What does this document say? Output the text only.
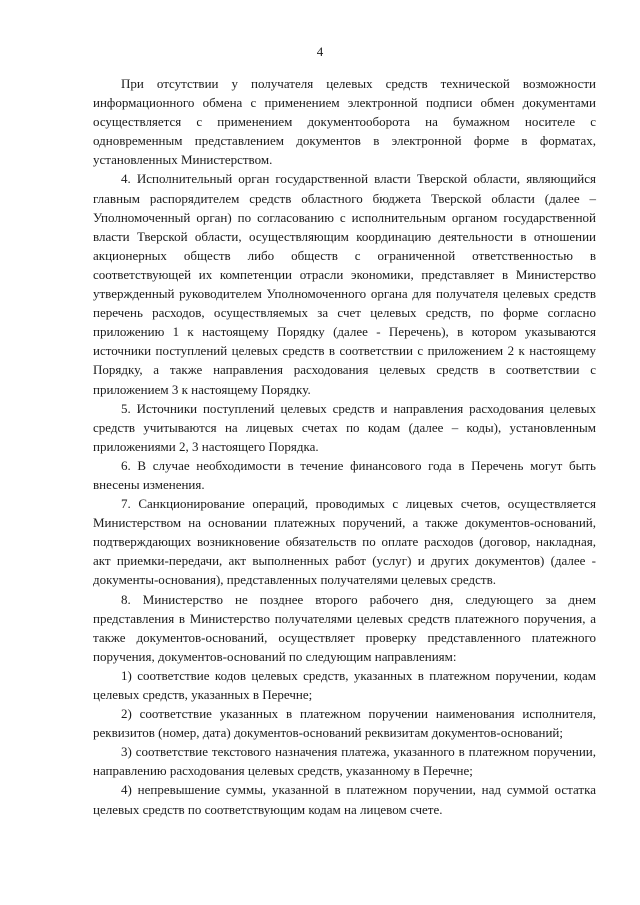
4

При отсутствии у получателя целевых средств технической возможности информационного обмена с применением электронной подписи обмен документами осуществляется с применением документооборота на бумажном носителе с одновременным представлением документов в электронной форме в форматах, установленных Министерством.

4. Исполнительный орган государственной власти Тверской области, являющийся главным распорядителем средств областного бюджета Тверской области (далее – Уполномоченный орган) по согласованию с исполнительным органом государственной власти Тверской области, осуществляющим координацию деятельности в отношении акционерных обществ либо обществ с ограниченной ответственностью в соответствующей их компетенции отрасли экономики, представляет в Министерство утвержденный руководителем Уполномоченного органа для получателя целевых средств перечень расходов, осуществляемых за счет целевых средств, по форме согласно приложению 1 к настоящему Порядку (далее - Перечень), в котором указываются источники поступлений целевых средств в соответствии с приложением 2 к настоящему Порядку, а также направления расходования целевых средств в соответствии с приложением 3 к настоящему Порядку.

5. Источники поступлений целевых средств и направления расходования целевых средств учитываются на лицевых счетах по кодам (далее – коды), установленным приложениями 2, 3 настоящего Порядка.

6. В случае необходимости в течение финансового года в Перечень могут быть внесены изменения.

7. Санкционирование операций, проводимых с лицевых счетов, осуществляется Министерством на основании платежных поручений, а также документов-оснований, подтверждающих возникновение обязательств по оплате расходов (договор, накладная, акт приемки-передачи, акт выполненных работ (услуг) и других документов) (далее - документы-основания), представленных получателями целевых средств.

8. Министерство не позднее второго рабочего дня, следующего за днем представления в Министерство получателями целевых средств платежного поручения, а также документов-оснований, осуществляет проверку представленного платежного поручения, документов-оснований по следующим направлениям:

1) соответствие кодов целевых средств, указанных в платежном поручении, кодам целевых средств, указанных в Перечне;

2) соответствие указанных в платежном поручении наименования исполнителя, реквизитов (номер, дата) документов-оснований реквизитам документов-оснований;

3) соответствие текстового назначения платежа, указанного в платежном поручении, направлению расходования целевых средств, указанному в Перечне;

4) непревышение суммы, указанной в платежном поручении, над суммой остатка целевых средств по соответствующим кодам на лицевом счете.
